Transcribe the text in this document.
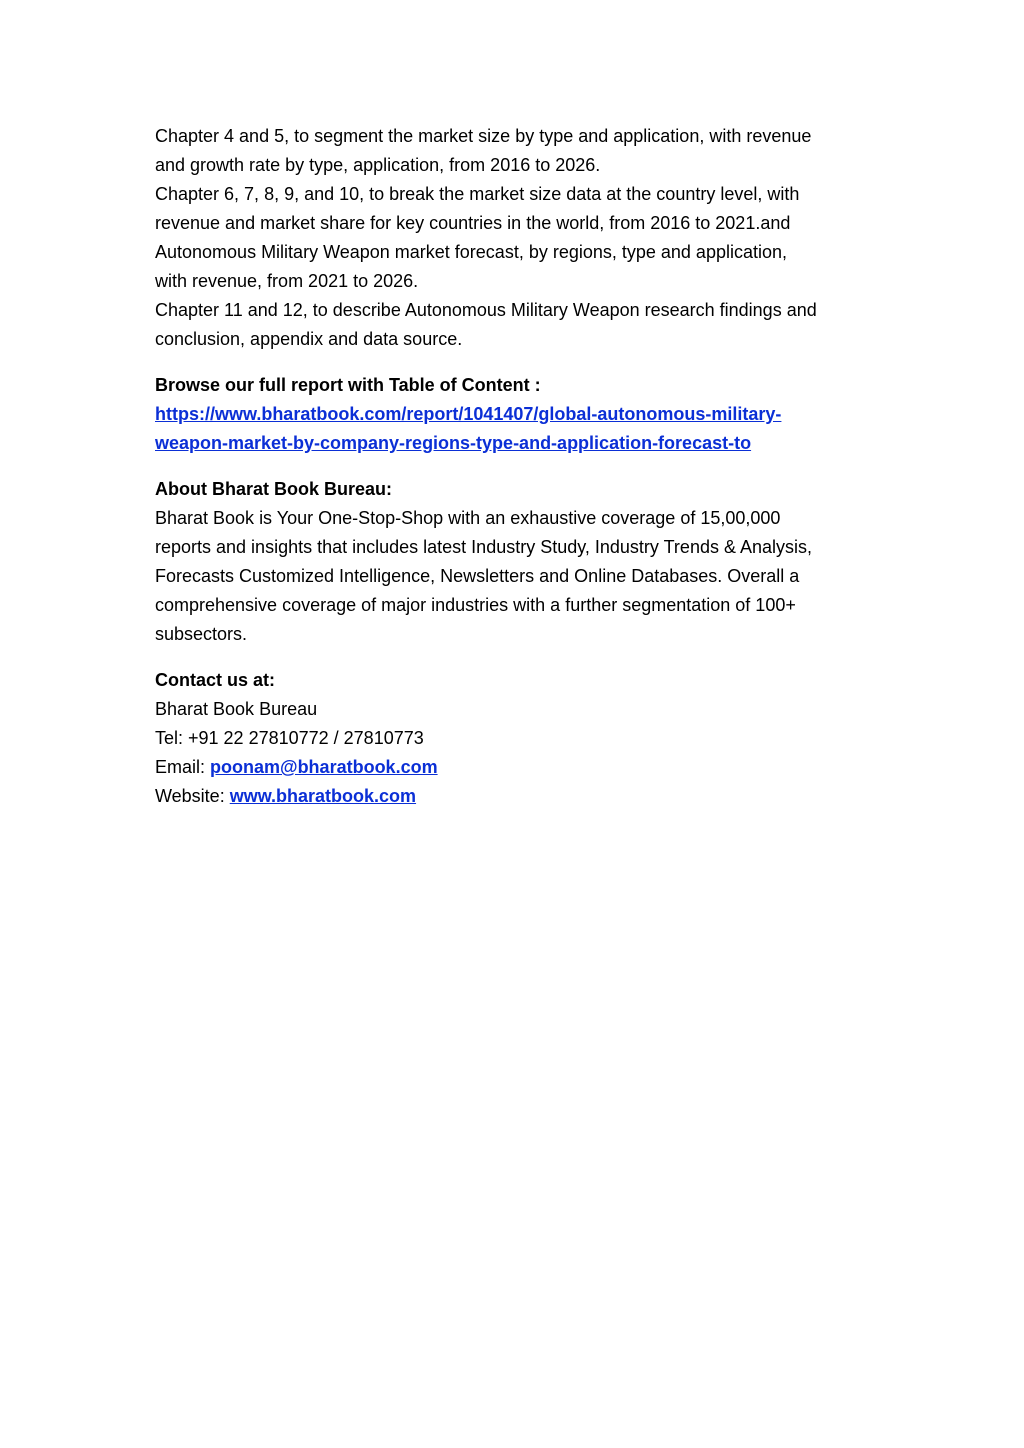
Chapter 4 and 5, to segment the market size by type and application, with revenue
and growth rate by type, application, from 2016 to 2026.
Chapter 6, 7, 8, 9, and 10, to break the market size data at the country level, with
revenue and market share for key countries in the world, from 2016 to 2021.and
Autonomous Military Weapon market forecast, by regions, type and application,
with revenue, from 2021 to 2026.
Chapter 11 and 12, to describe Autonomous Military Weapon research findings and
conclusion, appendix and data source.
Browse our full report with Table of Content :
https://www.bharatbook.com/report/1041407/global-autonomous-military-
weapon-market-by-company-regions-type-and-application-forecast-to
About Bharat Book Bureau:
Bharat Book is Your One-Stop-Shop with an exhaustive coverage of 15,00,000
reports and insights that includes latest Industry Study, Industry Trends & Analysis,
Forecasts Customized Intelligence, Newsletters and Online Databases. Overall a
comprehensive coverage of major industries with a further segmentation of 100+
subsectors.
Contact us at:
Bharat Book Bureau
Tel: +91 22 27810772 / 27810773
Email: poonam@bharatbook.com
Website: www.bharatbook.com
